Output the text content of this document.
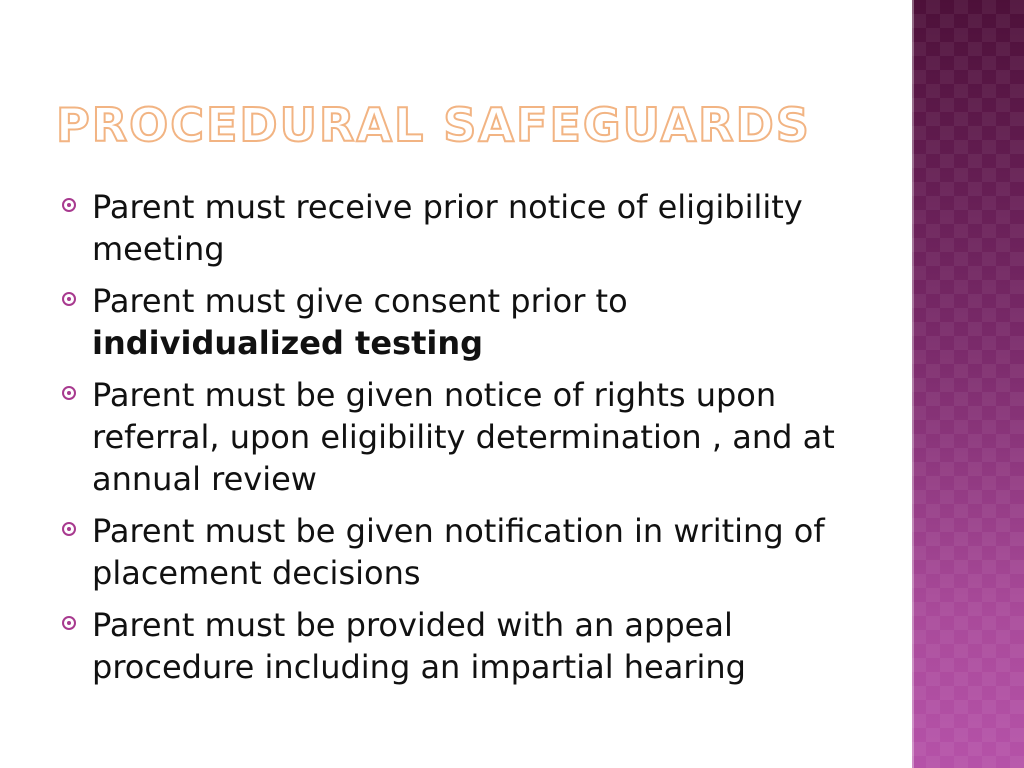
PROCEDURAL SAFEGUARDS
Parent must receive prior notice of eligibility meeting
Parent must give consent prior to individualized testing
Parent must be given notice of rights upon referral, upon eligibility determination , and at annual review
Parent must be given notification in writing of placement decisions
Parent must be provided with an appeal procedure including an impartial hearing
